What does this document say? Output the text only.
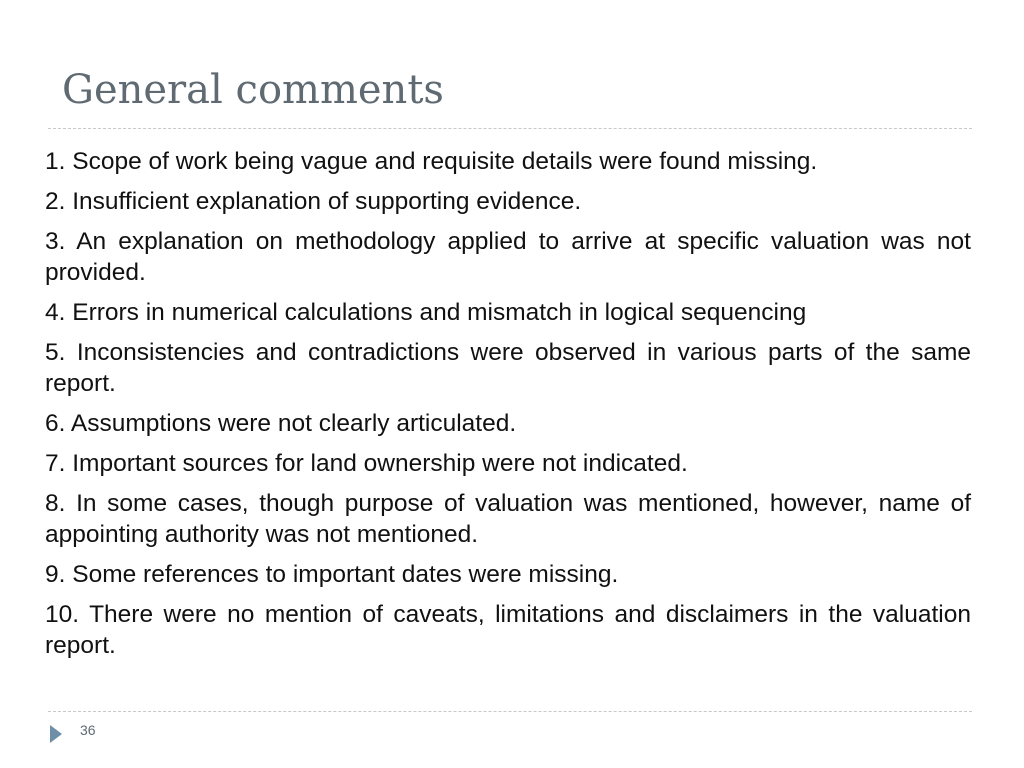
General comments
1. Scope of work being vague and requisite details were found missing.
2. Insufficient explanation of supporting evidence.
3. An explanation on methodology applied to arrive at specific valuation was not provided.
4. Errors in numerical calculations and mismatch in logical sequencing
5. Inconsistencies and contradictions were observed in various parts of the same report.
6. Assumptions were not clearly articulated.
7. Important sources for land ownership were not indicated.
8. In some cases, though purpose of valuation was mentioned, however, name of appointing authority was not mentioned.
9. Some references to important dates were missing.
10. There were no mention of caveats, limitations and disclaimers in the valuation report.
36
